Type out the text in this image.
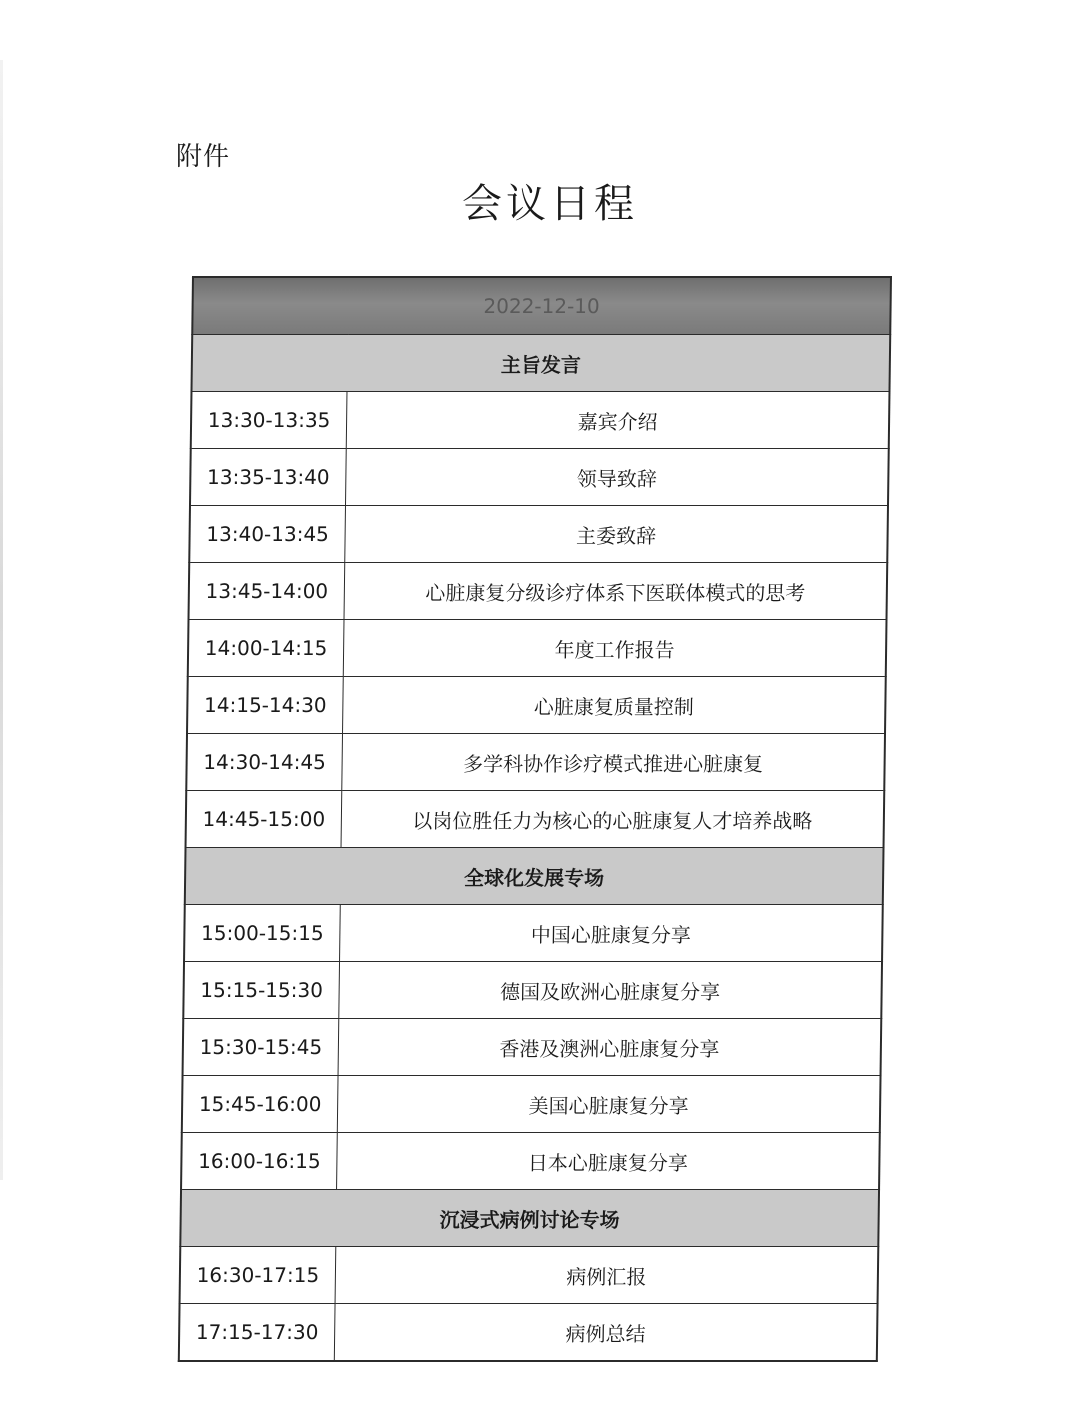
附件
会议日程
2022-12-10	
主旨发言	
13:30-13:35	嘉宾介绍
13:35-13:40	领导致辞
13:40-13:45	主委致辞
13:45-14:00	心脏康复分级诊疗体系下医联体模式的思考
14:00-14:15	年度工作报告
14:15-14:30	心脏康复质量控制
14:30-14:45	多学科协作诊疗模式推进心脏康复
14:45-15:00	以岗位胜任力为核心的心脏康复人才培养战略
全球化发展专场	
15:00-15:15	中国心脏康复分享
15:15-15:30	德国及欧洲心脏康复分享
15:30-15:45	香港及澳洲心脏康复分享
15:45-16:00	美国心脏康复分享
16:00-16:15	日本心脏康复分享
沉浸式病例讨论专场	
16:30-17:15	病例汇报
17:15-17:30	病例总结
